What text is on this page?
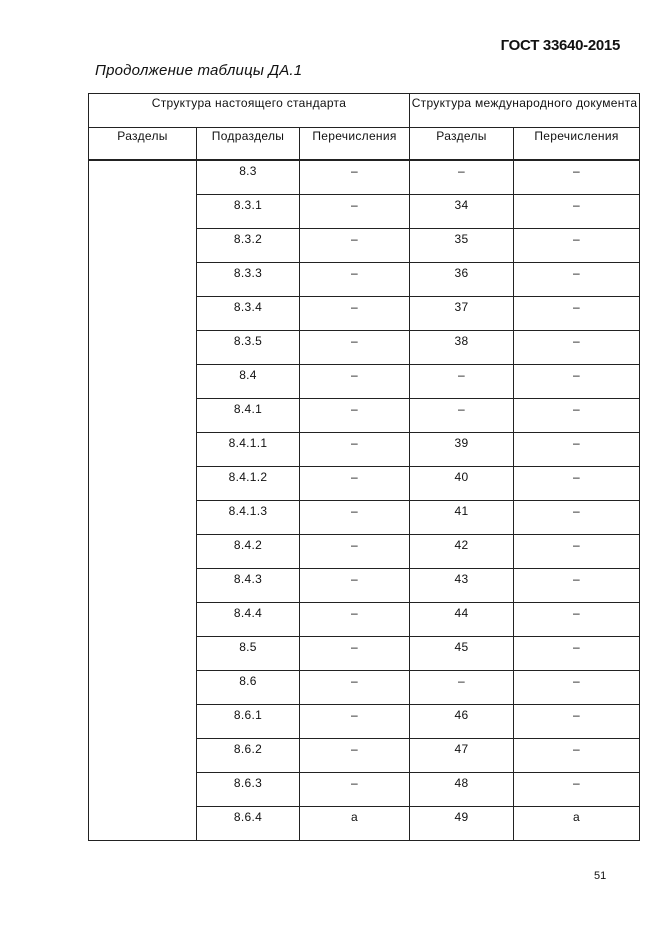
ГОСТ 33640-2015
Продолжение таблицы ДА.1
Структура настоящего стандарта			Структура международного документа	
Разделы	Подразделы	Перечисления	Разделы	Перечисления
	8.3	–	–	–
	8.3.1	–	34	–
	8.3.2	–	35	–
	8.3.3	–	36	–
	8.3.4	–	37	–
	8.3.5	–	38	–
	8.4	–	–	–
	8.4.1	–	–	–
	8.4.1.1	–	39	–
	8.4.1.2	–	40	–
	8.4.1.3	–	41	–
	8.4.2	–	42	–
	8.4.3	–	43	–
	8.4.4	–	44	–
	8.5	–	45	–
	8.6	–	–	–
	8.6.1	–	46	–
	8.6.2	–	47	–
	8.6.3	–	48	–
	8.6.4	a	49	a
51
